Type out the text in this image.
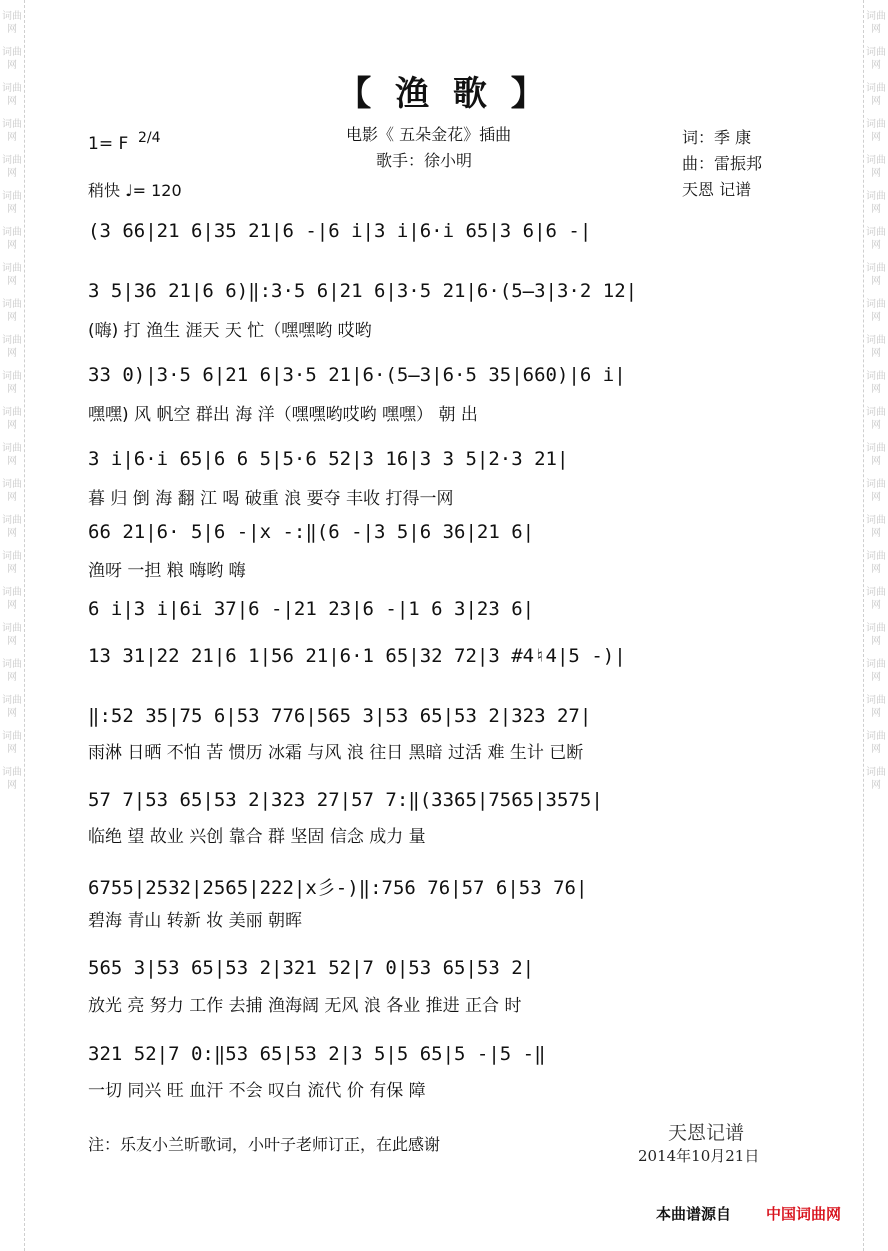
词曲网
词曲网
词曲网
词曲网
词曲网
词曲网
词曲网
词曲网
词曲网
词曲网
词曲网
词曲网
词曲网
词曲网
词曲网
词曲网
词曲网
词曲网
词曲网
词曲网
词曲网
词曲网
词曲网
词曲网
词曲网
词曲网
词曲网
词曲网
词曲网
词曲网
词曲网
词曲网
词曲网
词曲网
词曲网
词曲网
词曲网
词曲网
词曲网
词曲网
词曲网
词曲网
词曲网
词曲网
【 渔 歌 】
电影《 五朵金花》插曲
歌手：徐小明
1= F 2/4
稍快 ♩= 120
词：季 康
曲：雷振邦
天恩 记谱
(3 66|21 6|35 21|6 -|6 i|3 i|6·i 65|3 6|6 -|
3 5|36 21|6 6)‖:3·5 6|21 6|3·5 21|6·(5̶3|3·2 12|
(嗨) 打 渔生 涯天 天 忙（嘿嘿哟 哎哟
33 0)|3·5 6|21 6|3·5 21|6·(5̶3|6·5 35|660)|6 i|
嘿嘿) 风 帆空 群出 海 洋（嘿嘿哟哎哟 嘿嘿） 朝 出
3 i|6·i 65|6 6 5|5·6 52|3 16|3 3 5|2·3 21|
暮 归 倒 海 翻 江 喝 破重 浪 要夺 丰收 打得一网
66 21|6· 5|6 -|x -:‖(6 -|3 5|6 36|21 6|
渔呀 一担 粮 嗨哟 嗨
6 i|3 i|6i 37|6 -|21 23|6 -|1 6 3|23 6|
13 31|22 21|6 1|56 21|6·1 65|32 72|3 #4♮4|5 -)|
‖:52 35|75 6|53 776|565 3|53 65|53 2|323 27|
雨淋 日晒 不怕 苦 惯历 冰霜 与风 浪 往日 黑暗 过活 难 生计 已断
57 7|53 65|53 2|323 27|57 7:‖(3365|7565|3575|
临绝 望 故业 兴创 靠合 群 坚固 信念 成力 量
6755|2532|2565|222|x彡-)‖:756 76|57 6|53 76|
碧海 青山 转新 妆 美丽 朝晖
565 3|53 65|53 2|321 52|7 0|53 65|53 2|
放光 亮 努力 工作 去捕 渔海阔 无风 浪 各业 推进 正合 时
321 52|7 0:‖53 65|53 2|3 5|5 65|5 -|5 -‖
一切 同兴 旺 血汗 不会 叹白 流代 价 有保 障
注：乐友小兰昕歌词，小叶子老师订正，在此感谢
天恩记谱
2014年10月21日
本曲谱源自 中国词曲网
